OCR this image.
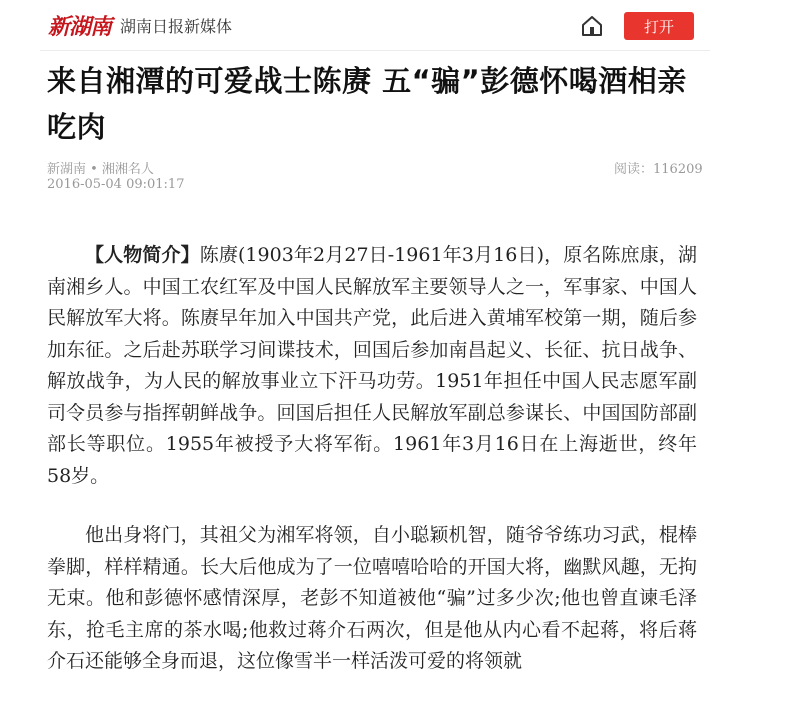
新湖南 湖南日报新媒体	打开
来自湘潭的可爱战士陈赓 五“骗”彭德怀喝酒相亲吃肉
新湖南 • 湘湘名人
2016-05-04 09:01:17
阅读：116209

【人物简介】陈赓(1903年2月27日-1961年3月16日)，原名陈庶康，湖南湘乡人。中国工农红军及中国人民解放军主要领导人之一，军事家、中国人民解放军大将。陈赓早年加入中国共产党，此后进入黄埔军校第一期，随后参加东征。之后赴苏联学习间谍技术，回国后参加南昌起义、长征、抗日战争、解放战争，为人民的解放事业立下汗马功劳。1951年担任中国人民志愿军副司令员参与指挥朝鲜战争。回国后担任人民解放军副总参谋长、中国国防部副部长等职位。1955年被授予大将军衔。1961年3月16日在上海逝世，终年58岁。

他出身将门，其祖父为湘军将领，自小聪颖机智，随爷爷练功习武，棍棒拳脚，样样精通。长大后他成为了一位嘻嘻哈哈的开国大将，幽默风趣，无拘无束。他和彭德怀感情深厚，老彭不知道被他“骗”过多少次;他也曾直谏毛泽东，抢毛主席的茶水喝;他救过蒋介石两次，但是他从内心看不起蒋，将后蒋介石还能够全身而退，这位像雪半一样活泼可爱的将领就
